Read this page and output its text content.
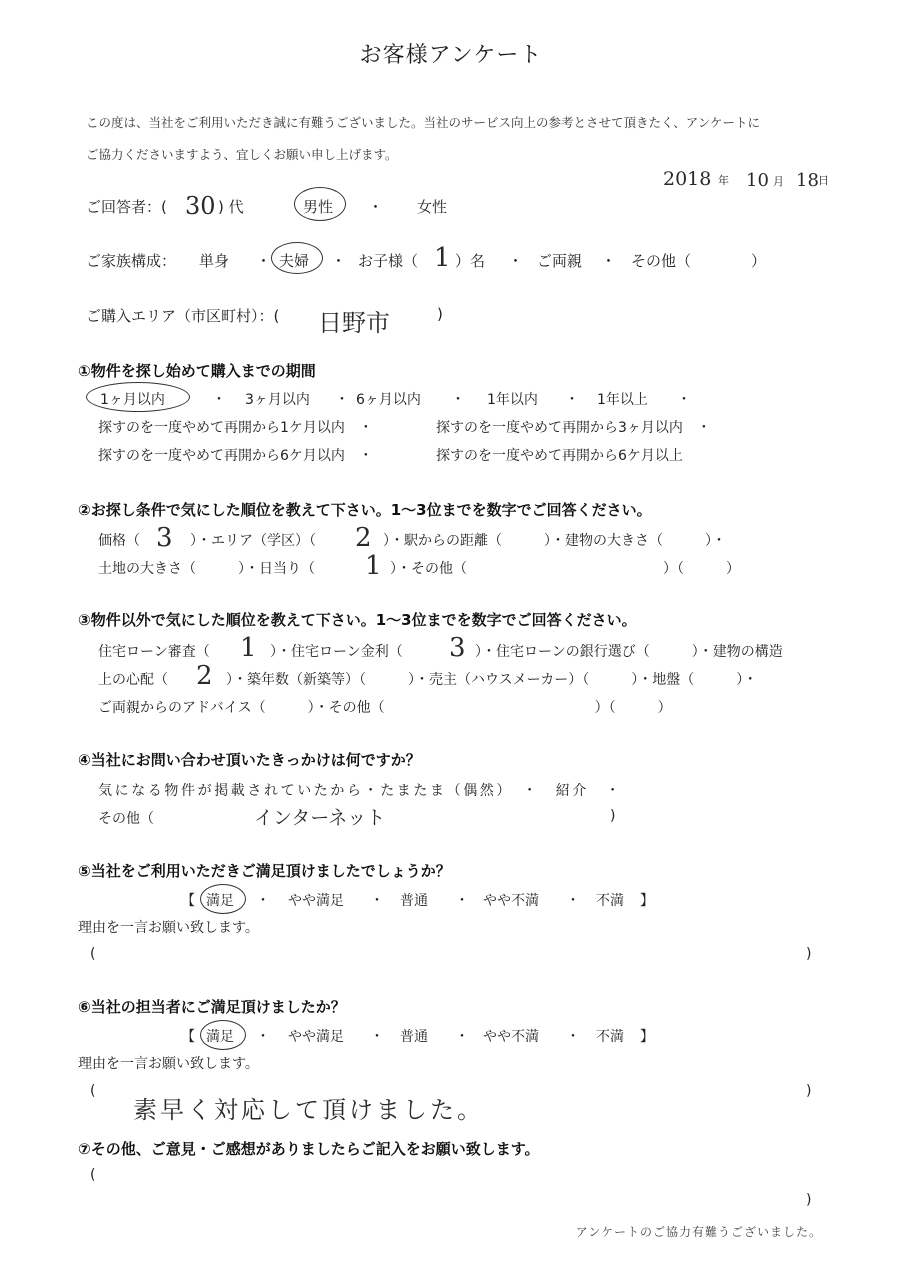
お客様アンケート
この度は、当社をご利用いただき誠に有難うございました。当社のサービス向上の参考とさせて頂きたく、アンケートに
ご協力くださいますよう、宜しくお願い申し上げます。
2018 年 10 月 18 日
ご回答者：( 30 ) 代	男性 ・ 女性
ご家族構成： 単身 ・ 夫婦 ・ お子様（ 1 ）名 ・ ご両親 ・ その他（　　　　）
ご購入エリア（市区町村）：( 日野市	)
①物件を探し始めて購入までの期間
1ヶ月以内	・ 3ヶ月以内 ・ 6ヶ月以内 ・ 1年以内 ・ 1年以上 ・
探すのを一度やめて再開から1ケ月以内　・	探すのを一度やめて再開から3ヶ月以内　・
探すのを一度やめて再開から6ケ月以内　・	探すのを一度やめて再開から6ケ月以上
②お探し条件で気にした順位を教えて下さい。1～3位までを数字でご回答ください。
価格（ 3 ）・エリア（学区）（ 2 ）・駅からの距離（　　　）・建物の大きさ（　　　）・
土地の大きさ（　　　）・日当り（ 1 ）・その他（　　　　　　　　　　　　　　）（　　　）
③物件以外で気にした順位を教えて下さい。1～3位までを数字でご回答ください。
住宅ローン審査（ 1 ）・住宅ローン金利（ 3 ）・住宅ローンの銀行選び（　　　）・建物の構造
上の心配（ 2 ）・築年数（新築等）（　　　）・売主（ハウスメーカー）（　　　）・地盤（　　　）・
ご両親からのアドバイス（　　　）・その他（　　　　　　　　　　　　　　　）（　　　）
④当社にお問い合わせ頂いたきっかけは何ですか？
気になる物件が掲載されていたから・たまたま（偶然）　・　紹介　・
その他（	インターネット	)
⑤当社をご利用いただきご満足頂けましたでしょうか？
【 満足 ・ やや満足 ・ 普通 ・ やや不満 ・ 不満 】
理由を一言お願い致します。
(	)
⑥当社の担当者にご満足頂けましたか？
【 満足 ・ やや満足 ・ 普通 ・ やや不満 ・ 不満 】
理由を一言お願い致します。
(
素早く対応して頂けました。
)
⑦その他、ご意見・ご感想がありましたらご記入をお願い致します。
(
)
アンケートのご協力有難うございました。
